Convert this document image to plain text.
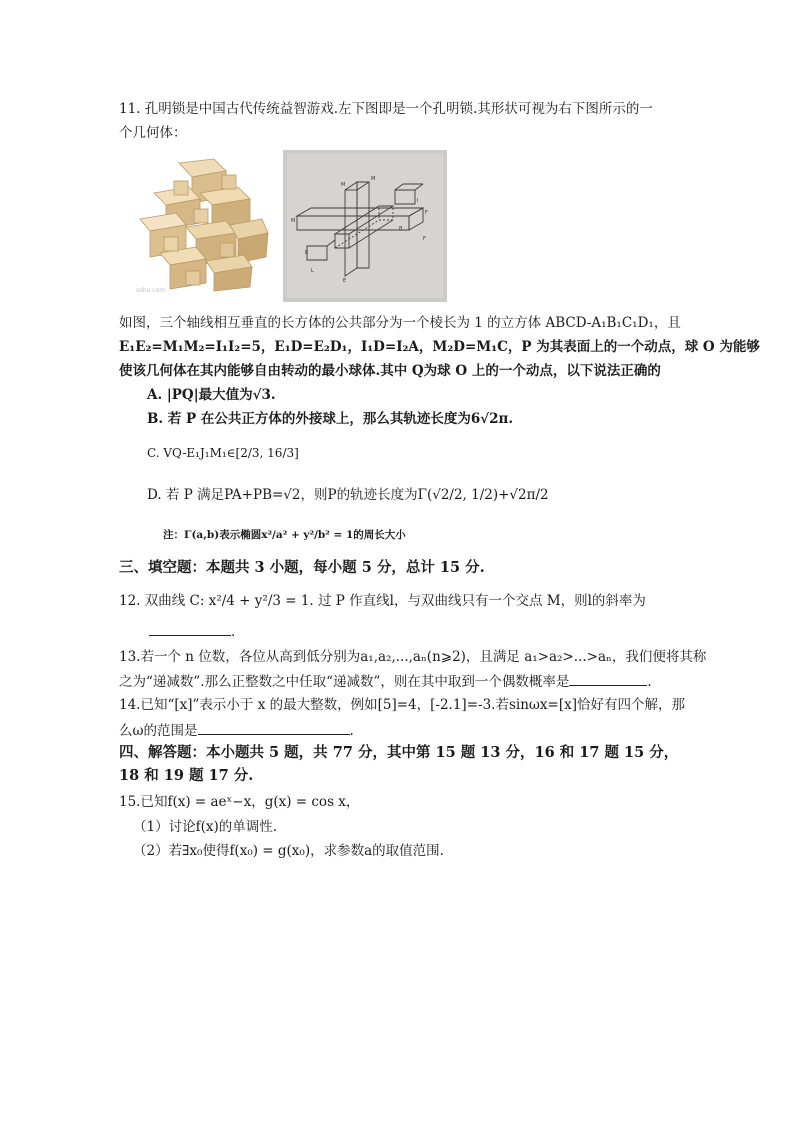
11. 孔明锁是中国古代传统益智游戏.左下图即是一个孔明锁.其形状可视为右下图所示的一
个几何体：
sohu.com
M
M
M
F
I
E
L
E
F
B
如图，三个轴线相互垂直的长方体的公共部分为一个棱长为 1 的立方体 ABCD-A₁B₁C₁D₁，且
E₁E₂=M₁M₂=I₁I₂=5，E₁D=E₂D₁，I₁D=I₂A，M₂D=M₁C，P 为其表面上的一个动点，球 O 为能够
使该几何体在其内能够自由转动的最小球体.其中 Q为球 O 上的一个动点，以下说法正确的
A. |PQ|最大值为√3.
B. 若 P 在公共正方体的外接球上，那么其轨迹长度为6√2π.
C. VQ-E₁J₁M₁∈[2/3, 16/3]
D. 若 P 满足PA+PB=√2，则P的轨迹长度为Γ(√2/2, 1/2)+√2π/2
注：Γ(a,b)表示椭圆x²/a² + y²/b² = 1的周长大小
三、填空题：本题共 3 小题，每小题 5 分，总计 15 分.
12. 双曲线 C: x²/4 + y²/3 = 1. 过 P 作直线l，与双曲线只有一个交点 M，则l的斜率为
.
13.若一个 n 位数，各位从高到低分别为a₁,a₂,...,aₙ(n⩾2)，且满足 a₁>a₂>...>aₙ，我们便将其称
之为“递减数”.那么正整数之中任取“递减数”，则在其中取到一个偶数概率是	.
14.已知“[x]”表示小于 x 的最大整数，例如[5]=4，[-2.1]=-3.若sinωx=[x]恰好有四个解，那
么ω的范围是	.
四、解答题：本小题共 5 题，共 77 分，其中第 15 题 13 分，16 和 17 题 15 分，
18 和 19 题 17 分.
15.已知f(x) = aeˣ−x，g(x) = cos x，
（1）讨论f(x)的单调性.
（2）若∃x₀使得f(x₀) = g(x₀)，求参数a的取值范围.
